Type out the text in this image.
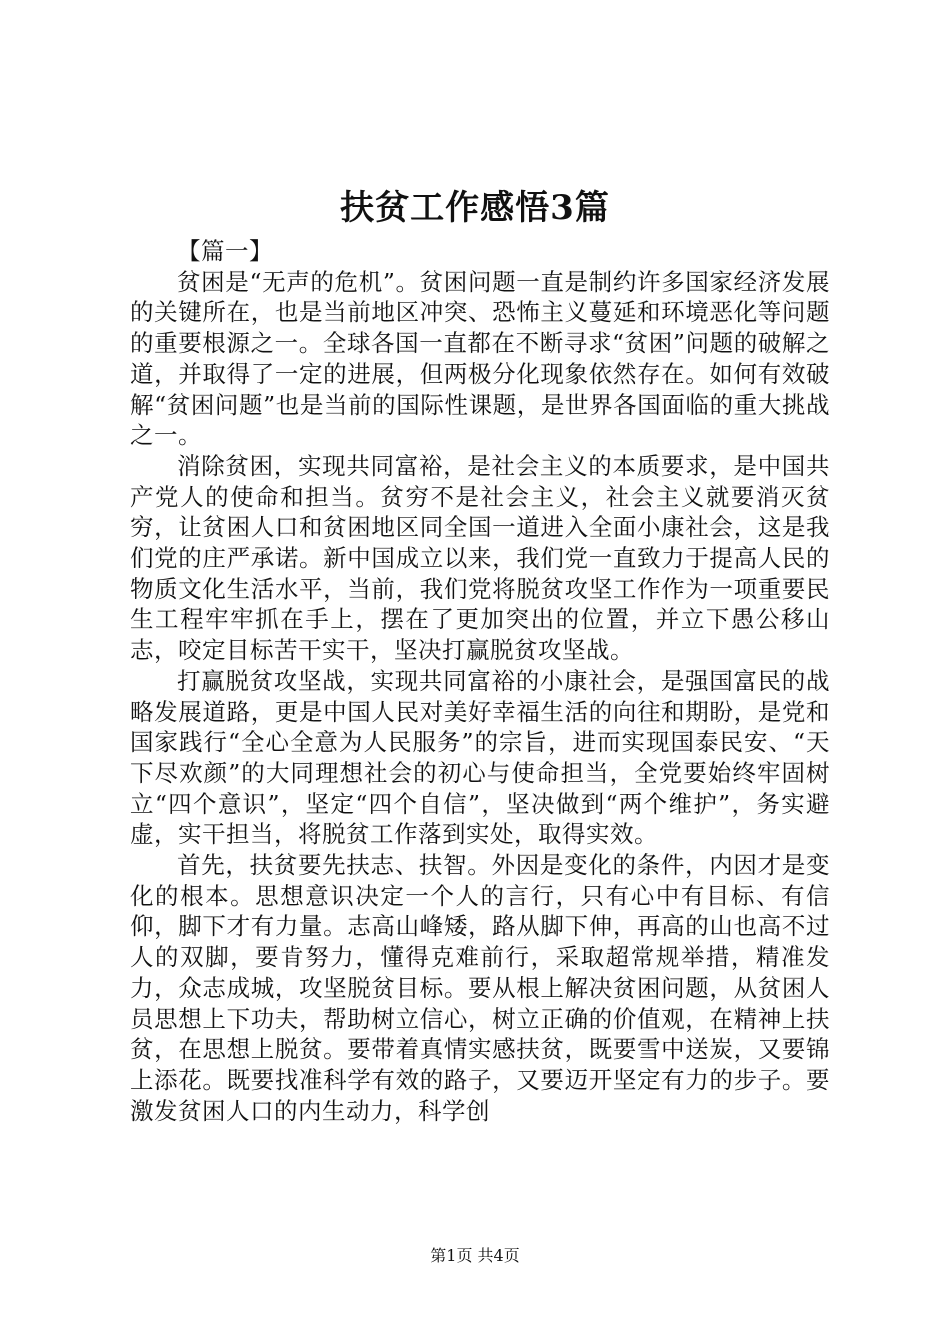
扶贫工作感悟3篇

【篇一】

贫困是“无声的危机”。贫困问题一直是制约许多国家经济发展的关键所在，也是当前地区冲突、恐怖主义蔓延和环境恶化等问题的重要根源之一。全球各国一直都在不断寻求“贫困”问题的破解之道，并取得了一定的进展，但两极分化现象依然存在。如何有效破解“贫困问题”也是当前的国际性课题，是世界各国面临的重大挑战之一。

消除贫困，实现共同富裕，是社会主义的本质要求，是中国共产党人的使命和担当。贫穷不是社会主义，社会主义就要消灭贫穷，让贫困人口和贫困地区同全国一道进入全面小康社会，这是我们党的庄严承诺。新中国成立以来，我们党一直致力于提高人民的物质文化生活水平，当前，我们党将脱贫攻坚工作作为一项重要民生工程牢牢抓在手上，摆在了更加突出的位置，并立下愚公移山志，咬定目标苦干实干，坚决打赢脱贫攻坚战。

打赢脱贫攻坚战，实现共同富裕的小康社会，是强国富民的战略发展道路，更是中国人民对美好幸福生活的向往和期盼，是党和国家践行“全心全意为人民服务”的宗旨，进而实现国泰民安、“天下尽欢颜”的大同理想社会的初心与使命担当，全党要始终牢固树立“四个意识”，坚定“四个自信”，坚决做到“两个维护”，务实避虚，实干担当，将脱贫工作落到实处，取得实效。

首先，扶贫要先扶志、扶智。外因是变化的条件，内因才是变化的根本。思想意识决定一个人的言行，只有心中有目标、有信仰，脚下才有力量。志高山峰矮，路从脚下伸，再高的山也高不过人的双脚，要肯努力，懂得克难前行，采取超常规举措，精准发力，众志成城，攻坚脱贫目标。要从根上解决贫困问题，从贫困人员思想上下功夫，帮助树立信心，树立正确的价值观，在精神上扶贫，在思想上脱贫。要带着真情实感扶贫，既要雪中送炭，又要锦上添花。既要找准科学有效的路子，又要迈开坚定有力的步子。要激发贫困人口的内生动力，科学创

第1页 共4页
